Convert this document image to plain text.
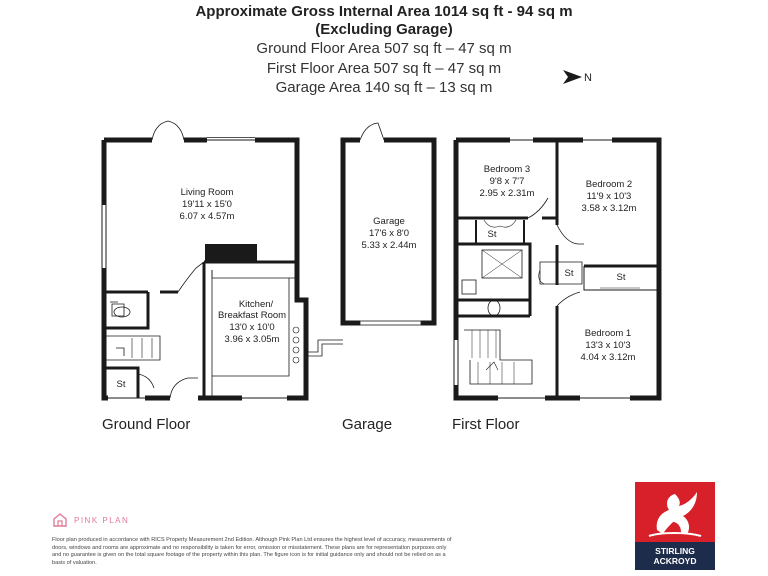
Approximate Gross Internal Area 1014 sq ft - 94 sq m
(Excluding Garage)
Ground Floor Area 507 sq ft – 47 sq m
First Floor Area 507 sq ft – 47 sq m
Garage Area 140 sq ft – 13 sq m
N
Living Room
19'11 x 15'0
6.07 x 4.57m
Kitchen/
Breakfast Room
13'0 x 10'0
3.96 x 3.05m
St
Garage
17'6 x 8'0
5.33 x 2.44m
Bedroom 3
9'8 x 7'7
2.95 x 2.31m
Bedroom 2
11'9 x 10'3
3.58 x 3.12m
Bedroom 1
13'3 x 10'3
4.04 x 3.12m
St
St	St
Ground Floor	Garage	First Floor
PINK PLAN
Floor plan produced in accordance with RICS Property Measurement 2nd Edition. Although Pink Plan Ltd ensures the highest level of accuracy, measurements of doors, windows and rooms are approximate and no responsibility is taken for error, omission or misstatement. These plans are for representation purposes only and no guarantee is given on the total square footage of the property within this plan. The figure icon is for initial guidance only and should not be relied on as a basis of valuation.
STIRLING
ACKROYD
